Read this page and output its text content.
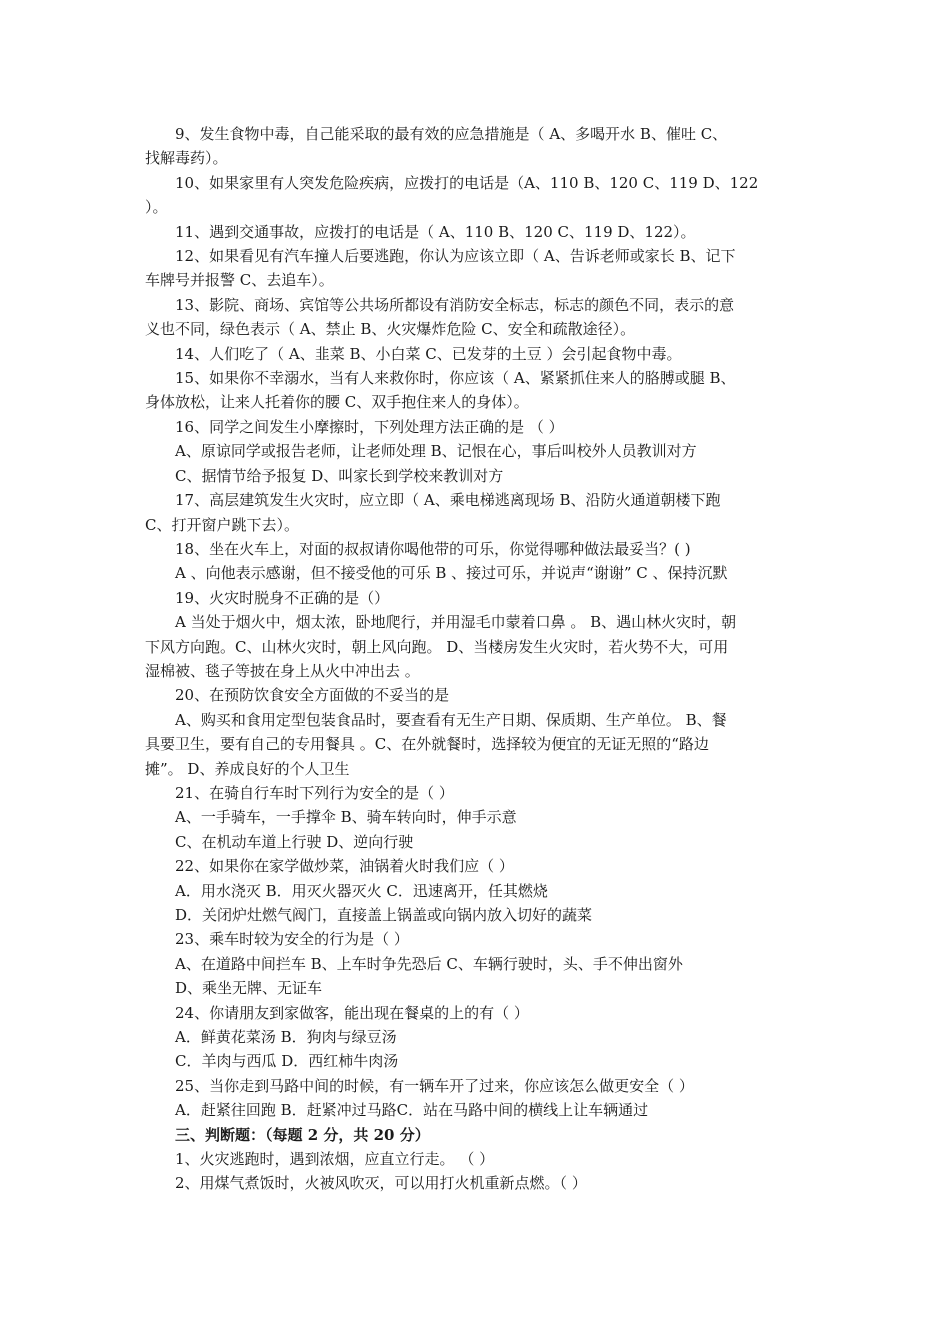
9、发生食物中毒，自己能采取的最有效的应急措施是（ A、多喝开水 B、催吐 C、
找解毒药）。
10、如果家里有人突发危险疾病，应拨打的电话是（A、110 B、120 C、119 D、122
）。
11、遇到交通事故，应拨打的电话是（ A、110 B、120 C、119 D、122）。
12、如果看见有汽车撞人后要逃跑，你认为应该立即（ A、告诉老师或家长 B、记下
车牌号并报警 C、去追车）。
13、影院、商场、宾馆等公共场所都设有消防安全标志，标志的颜色不同，表示的意
义也不同，绿色表示（ A、禁止 B、火灾爆炸危险 C、安全和疏散途径）。
14、人们吃了（ A、韭菜 B、小白菜 C、已发芽的土豆 ）会引起食物中毒。
15、如果你不幸溺水，当有人来救你时，你应该（ A、紧紧抓住来人的胳膊或腿 B、
身体放松，让来人托着你的腰 C、双手抱住来人的身体）。
16、同学之间发生小摩擦时，下列处理方法正确的是 （ ）
A、原谅同学或报告老师，让老师处理 B、记恨在心，事后叫校外人员教训对方
C、据情节给予报复 D、叫家长到学校来教训对方
17、高层建筑发生火灾时，应立即（ A、乘电梯逃离现场 B、沿防火通道朝楼下跑
C、打开窗户跳下去）。
18、坐在火车上，对面的叔叔请你喝他带的可乐，你觉得哪种做法最妥当？( )
A 、向他表示感谢，但不接受他的可乐 B 、接过可乐，并说声“谢谢” C 、保持沉默
19、火灾时脱身不正确的是（）
A 当处于烟火中，烟太浓，卧地爬行，并用湿毛巾蒙着口鼻 。 B、遇山林火灾时，朝
下风方向跑。C、山林火灾时，朝上风向跑。 D、当楼房发生火灾时，若火势不大，可用
湿棉被、毯子等披在身上从火中冲出去 。
20、在预防饮食安全方面做的不妥当的是
A、购买和食用定型包装食品时，要查看有无生产日期、保质期、生产单位。 B、餐
具要卫生，要有自己的专用餐具 。C、在外就餐时，选择较为便宜的无证无照的“路边
摊”。 D、养成良好的个人卫生
21、在骑自行车时下列行为安全的是（ ）
A、一手骑车，一手撑伞 B、骑车转向时，伸手示意
C、在机动车道上行驶 D、逆向行驶
22、如果你在家学做炒菜，油锅着火时我们应（ ）
A．用水浇灭 B．用灭火器灭火 C．迅速离开，任其燃烧
D．关闭炉灶燃气阀门，直接盖上锅盖或向锅内放入切好的蔬菜
23、乘车时较为安全的行为是（ ）
A、在道路中间拦车 B、上车时争先恐后 C、车辆行驶时，头、手不伸出窗外
D、乘坐无牌、无证车
24、你请朋友到家做客，能出现在餐桌的上的有（ ）
A．鲜黄花菜汤 B．狗肉与绿豆汤
C．羊肉与西瓜 D．西红柿牛肉汤
25、当你走到马路中间的时候，有一辆车开了过来，你应该怎么做更安全（ ）
A．赶紧往回跑 B．赶紧冲过马路C．站在马路中间的横线上让车辆通过
三、判断题：（每题 2 分，共 20 分）
1、火灾逃跑时，遇到浓烟，应直立行走。 （ ）
2、用煤气煮饭时，火被风吹灭，可以用打火机重新点燃。（ ）
